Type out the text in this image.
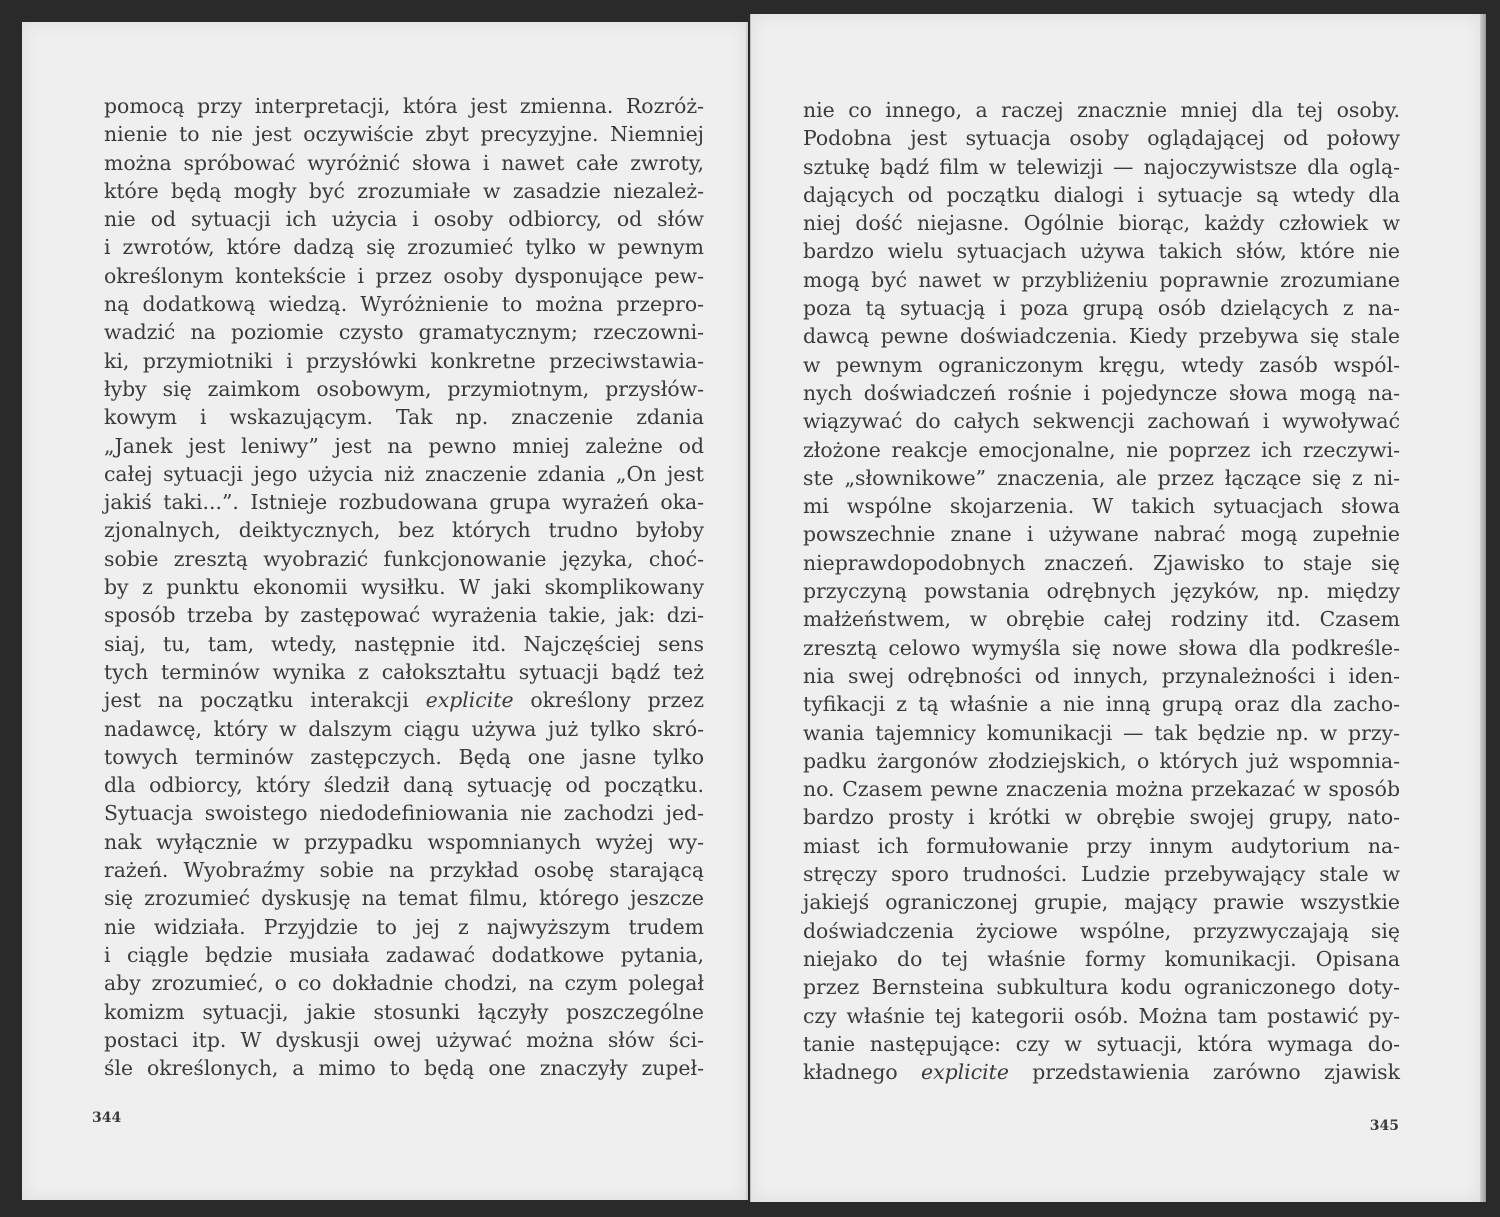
pomocą przy interpretacji, która jest zmienna. Rozróż-
nienie to nie jest oczywiście zbyt precyzyjne. Niemniej
można spróbować wyróżnić słowa i nawet całe zwroty,
które będą mogły być zrozumiałe w zasadzie niezależ-
nie od sytuacji ich użycia i osoby odbiorcy, od słów
i zwrotów, które dadzą się zrozumieć tylko w pewnym
określonym kontekście i przez osoby dysponujące pew-
ną dodatkową wiedzą. Wyróżnienie to można przepro-
wadzić na poziomie czysto gramatycznym; rzeczowni-
ki, przymiotniki i przysłówki konkretne przeciwstawia-
łyby się zaimkom osobowym, przymiotnym, przysłów-
kowym i wskazującym. Tak np. znaczenie zdania
„Janek jest leniwy” jest na pewno mniej zależne od
całej sytuacji jego użycia niż znaczenie zdania „On jest
jakiś taki...”. Istnieje rozbudowana grupa wyrażeń oka-
zjonalnych, deiktycznych, bez których trudno byłoby
sobie zresztą wyobrazić funkcjonowanie języka, choć-
by z punktu ekonomii wysiłku. W jaki skomplikowany
sposób trzeba by zastępować wyrażenia takie, jak: dzi-
siaj, tu, tam, wtedy, następnie itd. Najczęściej sens
tych terminów wynika z całokształtu sytuacji bądź też
jest na początku interakcji explicite określony przez
nadawcę, który w dalszym ciągu używa już tylko skró-
towych terminów zastępczych. Będą one jasne tylko
dla odbiorcy, który śledził daną sytuację od początku.
Sytuacja swoistego niedodefiniowania nie zachodzi jed-
nak wyłącznie w przypadku wspomnianych wyżej wy-
rażeń. Wyobraźmy sobie na przykład osobę starającą
się zrozumieć dyskusję na temat filmu, którego jeszcze
nie widziała. Przyjdzie to jej z najwyższym trudem
i ciągle będzie musiała zadawać dodatkowe pytania,
aby zrozumieć, o co dokładnie chodzi, na czym polegał
komizm sytuacji, jakie stosunki łączyły poszczególne
postaci itp. W dyskusji owej używać można słów ści-
śle określonych, a mimo to będą one znaczyły zupeł-
344
nie co innego, a raczej znacznie mniej dla tej osoby.
Podobna jest sytuacja osoby oglądającej od połowy
sztukę bądź film w telewizji — najoczywistsze dla oglą-
dających od początku dialogi i sytuacje są wtedy dla
niej dość niejasne. Ogólnie biorąc, każdy człowiek w
bardzo wielu sytuacjach używa takich słów, które nie
mogą być nawet w przybliżeniu poprawnie zrozumiane
poza tą sytuacją i poza grupą osób dzielących z na-
dawcą pewne doświadczenia. Kiedy przebywa się stale
w pewnym ograniczonym kręgu, wtedy zasób wspól-
nych doświadczeń rośnie i pojedyncze słowa mogą na-
wiązywać do całych sekwencji zachowań i wywoływać
złożone reakcje emocjonalne, nie poprzez ich rzeczywi-
ste „słownikowe” znaczenia, ale przez łączące się z ni-
mi wspólne skojarzenia. W takich sytuacjach słowa
powszechnie znane i używane nabrać mogą zupełnie
nieprawdopodobnych znaczeń. Zjawisko to staje się
przyczyną powstania odrębnych języków, np. między
małżeństwem, w obrębie całej rodziny itd. Czasem
zresztą celowo wymyśla się nowe słowa dla podkreśle-
nia swej odrębności od innych, przynależności i iden-
tyfikacji z tą właśnie a nie inną grupą oraz dla zacho-
wania tajemnicy komunikacji — tak będzie np. w przy-
padku żargonów złodziejskich, o których już wspomnia-
no. Czasem pewne znaczenia można przekazać w sposób
bardzo prosty i krótki w obrębie swojej grupy, nato-
miast ich formułowanie przy innym audytorium na-
stręczy sporo trudności. Ludzie przebywający stale w
jakiejś ograniczonej grupie, mający prawie wszystkie
doświadczenia życiowe wspólne, przyzwyczajają się
niejako do tej właśnie formy komunikacji. Opisana
przez Bernsteina subkultura kodu ograniczonego doty-
czy właśnie tej kategorii osób. Można tam postawić py-
tanie następujące: czy w sytuacji, która wymaga do-
kładnego explicite przedstawienia zarówno zjawisk
345
